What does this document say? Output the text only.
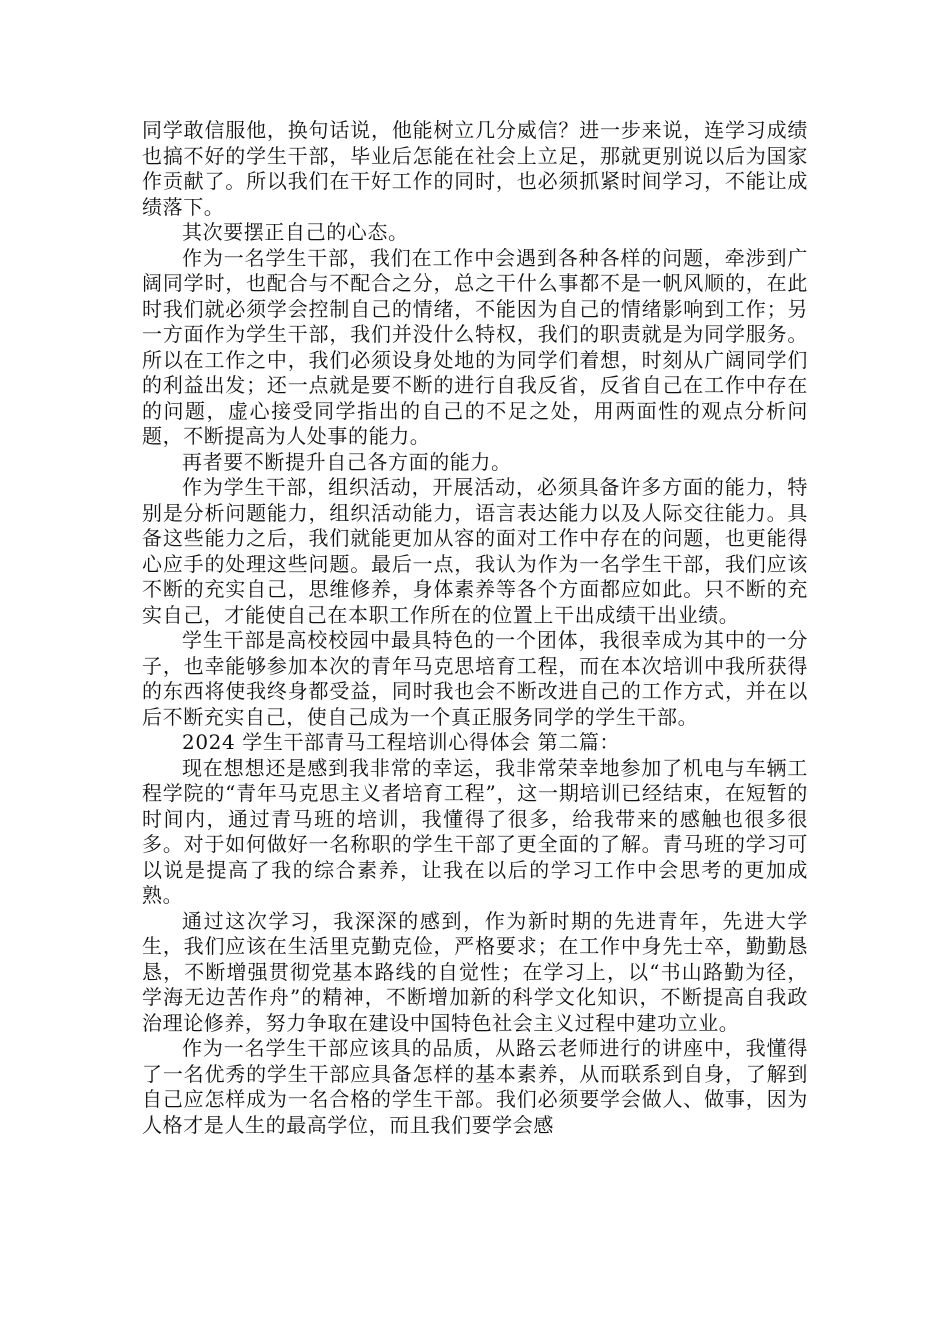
同学敢信服他，换句话说，他能树立几分威信？进一步来说，连学习成绩也搞不好的学生干部，毕业后怎能在社会上立足，那就更别说以后为国家作贡献了。所以我们在干好工作的同时，也必须抓紧时间学习，不能让成绩落下。

其次要摆正自己的心态。

作为一名学生干部，我们在工作中会遇到各种各样的问题，牵涉到广阔同学时，也配合与不配合之分，总之干什么事都不是一帆风顺的，在此时我们就必须学会控制自己的情绪，不能因为自己的情绪影响到工作；另一方面作为学生干部，我们并没什么特权，我们的职责就是为同学服务。所以在工作之中，我们必须设身处地的为同学们着想，时刻从广阔同学们的利益出发；还一点就是要不断的进行自我反省，反省自己在工作中存在的问题，虚心接受同学指出的自己的不足之处，用两面性的观点分析问题，不断提高为人处事的能力。

再者要不断提升自己各方面的能力。

作为学生干部，组织活动，开展活动，必须具备许多方面的能力，特别是分析问题能力，组织活动能力，语言表达能力以及人际交往能力。具备这些能力之后，我们就能更加从容的面对工作中存在的问题，也更能得心应手的处理这些问题。最后一点，我认为作为一名学生干部，我们应该不断的充实自己，思维修养，身体素养等各个方面都应如此。只不断的充实自己，才能使自己在本职工作所在的位置上干出成绩干出业绩。

学生干部是高校校园中最具特色的一个团体，我很幸成为其中的一分子，也幸能够参加本次的青年马克思培育工程，而在本次培训中我所获得的东西将使我终身都受益，同时我也会不断改进自己的工作方式，并在以后不断充实自己，使自己成为一个真正服务同学的学生干部。

2024 学生干部青马工程培训心得体会 第二篇：

现在想想还是感到我非常的幸运，我非常荣幸地参加了机电与车辆工程学院的“青年马克思主义者培育工程”，这一期培训已经结束，在短暂的时间内，通过青马班的培训，我懂得了很多，给我带来的感触也很多很多。对于如何做好一名称职的学生干部了更全面的了解。青马班的学习可以说是提高了我的综合素养，让我在以后的学习工作中会思考的更加成熟。

通过这次学习，我深深的感到，作为新时期的先进青年，先进大学生，我们应该在生活里克勤克俭，严格要求；在工作中身先士卒，勤勤恳恳，不断增强贯彻党基本路线的自觉性；在学习上，以“书山路勤为径，学海无边苦作舟”的精神，不断增加新的科学文化知识，不断提高自我政治理论修养，努力争取在建设中国特色社会主义过程中建功立业。

作为一名学生干部应该具的品质，从路云老师进行的讲座中，我懂得了一名优秀的学生干部应具备怎样的基本素养，从而联系到自身，了解到自己应怎样成为一名合格的学生干部。我们必须要学会做人、做事，因为人格才是人生的最高学位，而且我们要学会感
